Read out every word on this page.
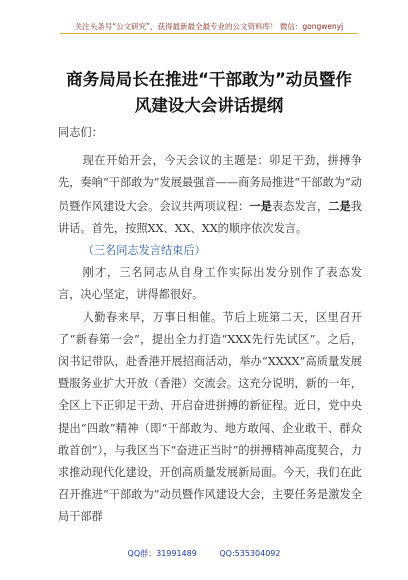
关注头条号“公文研究”，获得最新最全最专业的公文资料库！ 微信：gongwenyj
商务局局长在推进“干部敢为”动员暨作
风建设大会讲话提纲

同志们：

现在开始开会，今天会议的主题是：卯足干劲，拼搏争先，奏响“干部敢为”发展最强音——商务局推进“干部敢为”动员暨作风建设大会。会议共两项议程：一是表态发言，二是我讲话。首先，按照XX、XX、XX的顺序依次发言。

（三名同志发言结束后）

刚才，三名同志从自身工作实际出发分别作了表态发言，决心坚定，讲得都很好。

人勤春来早，万事日相催。节后上班第二天，区里召开了“新春第一会”，提出全力打造“XXX先行先试区”。之后，闵书记带队，赴香港开展招商活动，举办“XXXX”高质量发展暨服务业扩大开放（香港）交流会。这充分说明，新的一年，全区上下正卯足干劲、开启奋进拼搏的新征程。近日，党中央提出“四敢”精神（即“干部敢为、地方敢闯、企业敢干、群众敢首创”），与我区当下“奋进正当时”的拼搏精神高度契合，力求推动现代化建设，开创高质量发展新局面。今天，我们在此召开推进“干部敢为”动员暨作风建设大会，主要任务是激发全局干部群

QQ群：31991489	QQ:535304092
